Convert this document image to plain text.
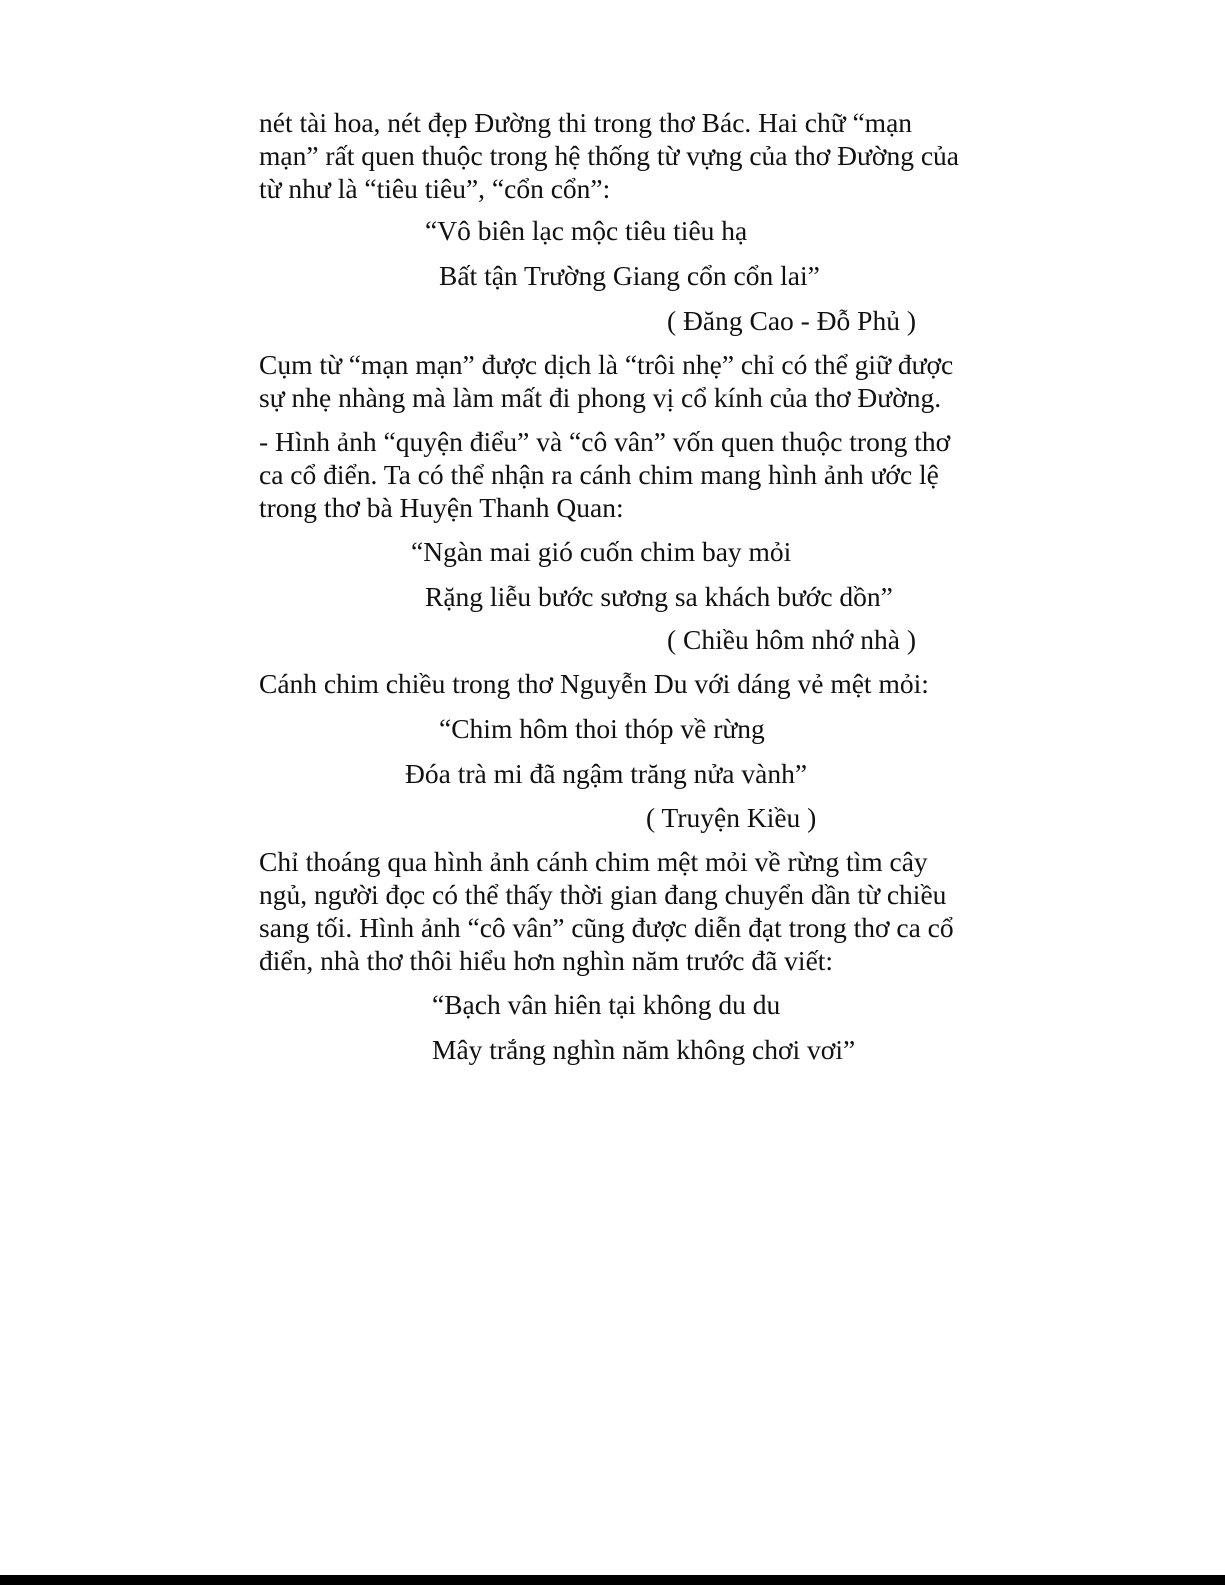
nét tài hoa, nét đẹp Đường thi trong thơ Bác. Hai chữ “mạn

mạn” rất quen thuộc trong hệ thống từ vựng của thơ Đường của

từ như là “tiêu tiêu”, “cổn cổn”:

“Vô biên lạc mộc tiêu tiêu hạ

Bất tận Trường Giang cổn cổn lai”

( Đăng Cao - Đỗ Phủ )

Cụm từ “mạn mạn” được dịch là “trôi nhẹ” chỉ có thể giữ được

sự nhẹ nhàng mà làm mất đi phong vị cổ kính của thơ Đường.

- Hình ảnh “quyện điểu” và “cô vân” vốn quen thuộc trong thơ

ca cổ điển. Ta có thể nhận ra cánh chim mang hình ảnh ước lệ

trong thơ bà Huyện Thanh Quan:

“Ngàn mai gió cuốn chim bay mỏi

Rặng liễu bước sương sa khách bước dồn”

( Chiều hôm nhớ nhà )

Cánh chim chiều trong thơ Nguyễn Du với dáng vẻ mệt mỏi:

“Chim hôm thoi thóp về rừng

Đóa trà mi đã ngậm trăng nửa vành”

( Truyện Kiều )

Chỉ thoáng qua hình ảnh cánh chim mệt mỏi về rừng tìm cây

ngủ, người đọc có thể thấy thời gian đang chuyển dần từ chiều

sang tối. Hình ảnh “cô vân” cũng được diễn đạt trong thơ ca cổ

điển, nhà thơ thôi hiểu hơn nghìn năm trước đã viết:

“Bạch vân hiên tại không du du

Mây trắng nghìn năm không chơi vơi”
